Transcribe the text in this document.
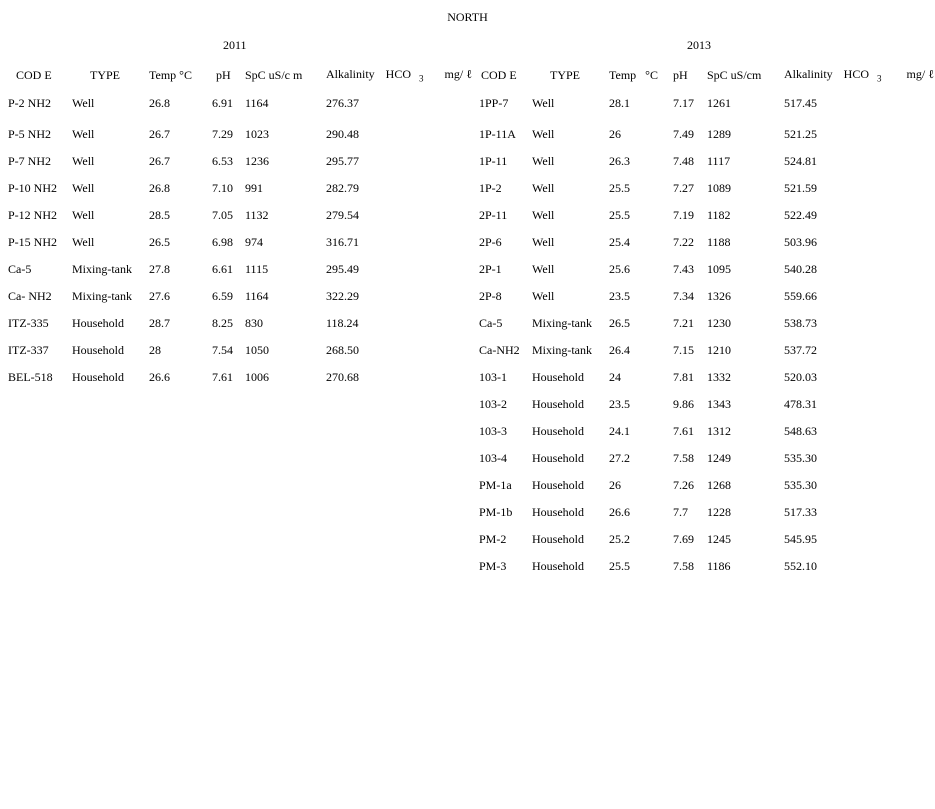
NORTH
2011	2013
COD E	TYPE	Temp °C	pH	SpC uS/c m	Alkalinity HCO $_3$ mg/ ℓ
P-2 NH2	Well	26.8	6.91	1164	276.37
P-5 NH2	Well	26.7	7.29	1023	290.48
P-7 NH2	Well	26.7	6.53	1236	295.77
P-10 NH2	Well	26.8	7.10	991	282.79
P-12 NH2	Well	28.5	7.05	1132	279.54
P-15 NH2	Well	26.5	6.98	974	316.71
Ca-5	Mixing-tank	27.8	6.61	1115	295.49
Ca- NH2	Mixing-tank	27.6	6.59	1164	322.29
ITZ-335	Household	28.7	8.25	830	118.24
ITZ-337	Household	28	7.54	1050	268.50
BEL-518	Household	26.6	7.61	1006	270.68
COD E	TYPE	Temp   °C	pH	SpC uS/cm	Alkalinity HCO $_3$ mg/ ℓ
1PP-7	Well	28.1	7.17	1261	517.45
1P-11A	Well	26	7.49	1289	521.25
1P-11	Well	26.3	7.48	1117	524.81
1P-2	Well	25.5	7.27	1089	521.59
2P-11	Well	25.5	7.19	1182	522.49
2P-6	Well	25.4	7.22	1188	503.96
2P-1	Well	25.6	7.43	1095	540.28
2P-8	Well	23.5	7.34	1326	559.66
Ca-5	Mixing-tank	26.5	7.21	1230	538.73
Ca-NH2	Mixing-tank	26.4	7.15	1210	537.72
103-1	Household	24	7.81	1332	520.03
103-2	Household	23.5	9.86	1343	478.31
103-3	Household	24.1	7.61	1312	548.63
103-4	Household	27.2	7.58	1249	535.30
PM-1a	Household	26	7.26	1268	535.30
PM-1b	Household	26.6	7.7	1228	517.33
PM-2	Household	25.2	7.69	1245	545.95
PM-3	Household	25.5	7.58	1186	552.10
